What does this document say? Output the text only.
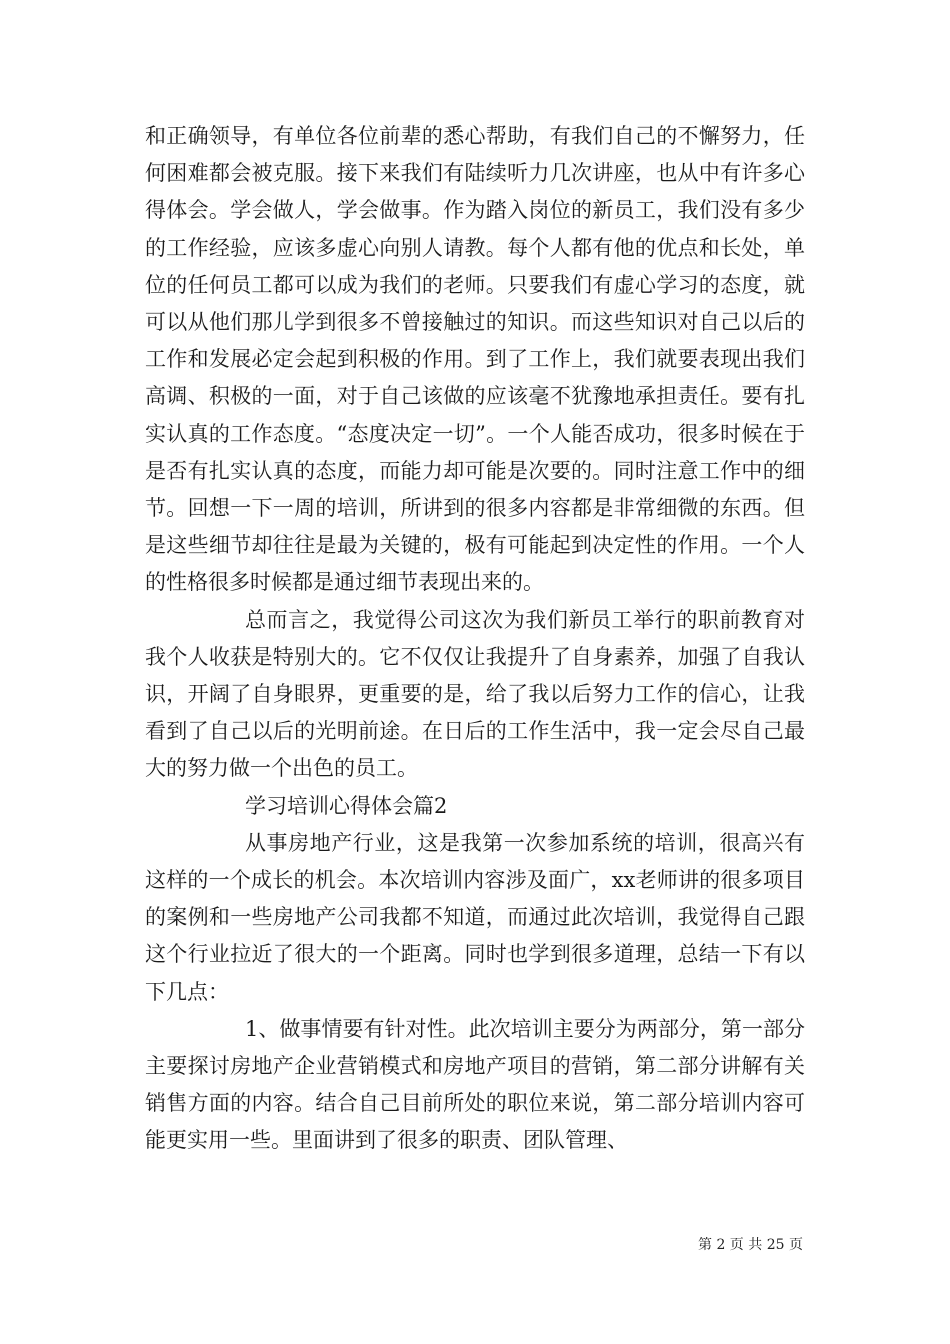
和正确领导，有单位各位前辈的悉心帮助，有我们自己的不懈努力，任何困难都会被克服。接下来我们有陆续听力几次讲座，也从中有许多心得体会。学会做人，学会做事。作为踏入岗位的新员工，我们没有多少的工作经验，应该多虚心向别人请教。每个人都有他的优点和长处，单位的任何员工都可以成为我们的老师。只要我们有虚心学习的态度，就可以从他们那儿学到很多不曾接触过的知识。而这些知识对自己以后的工作和发展必定会起到积极的作用。到了工作上，我们就要表现出我们高调、积极的一面，对于自己该做的应该毫不犹豫地承担责任。要有扎实认真的工作态度。“态度决定一切”。一个人能否成功，很多时候在于是否有扎实认真的态度，而能力却可能是次要的。同时注意工作中的细节。回想一下一周的培训，所讲到的很多内容都是非常细微的东西。但是这些细节却往往是最为关键的，极有可能起到决定性的作用。一个人的性格很多时候都是通过细节表现出来的。

总而言之，我觉得公司这次为我们新员工举行的职前教育对我个人收获是特别大的。它不仅仅让我提升了自身素养，加强了自我认识，开阔了自身眼界，更重要的是，给了我以后努力工作的信心，让我看到了自己以后的光明前途。在日后的工作生活中，我一定会尽自己最大的努力做一个出色的员工。

学习培训心得体会篇2

从事房地产行业，这是我第一次参加系统的培训，很高兴有这样的一个成长的机会。本次培训内容涉及面广，xx老师讲的很多项目的案例和一些房地产公司我都不知道，而通过此次培训，我觉得自己跟这个行业拉近了很大的一个距离。同时也学到很多道理，总结一下有以下几点：

1、做事情要有针对性。此次培训主要分为两部分，第一部分主要探讨房地产企业营销模式和房地产项目的营销，第二部分讲解有关销售方面的内容。结合自己目前所处的职位来说，第二部分培训内容可能更实用一些。里面讲到了很多的职责、团队管理、

第 2 页 共 25 页
